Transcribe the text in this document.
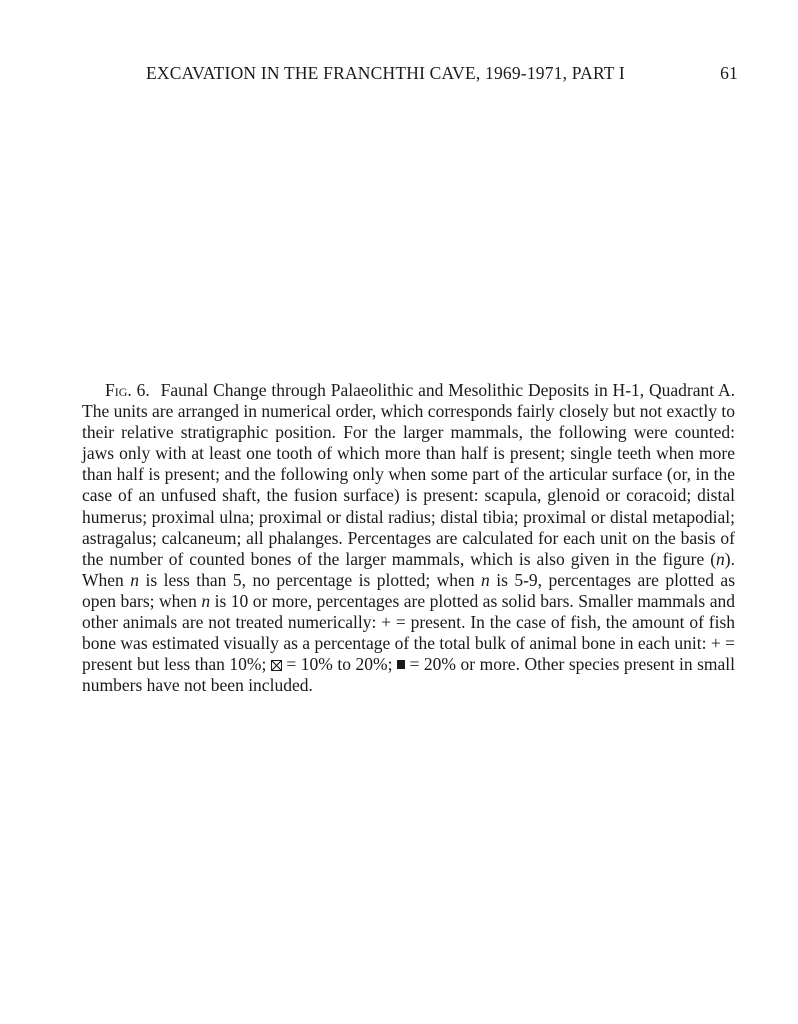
EXCAVATION IN THE FRANCHTHI CAVE, 1969-1971, PART I	61

Fig. 6. Faunal Change through Palaeolithic and Mesolithic Deposits in H-1, Quadrant A. The units are arranged in numerical order, which corresponds fairly closely but not exactly to their relative stratigraphic position. For the larger mammals, the following were counted: jaws only with at least one tooth of which more than half is present; single teeth when more than half is present; and the following only when some part of the articular surface (or, in the case of an unfused shaft, the fusion surface) is present: scapula, glenoid or coracoid; distal humerus; proximal ulna; proximal or distal radius; distal tibia; proximal or distal metapodial; astragalus; calcaneum; all phalanges. Percentages are calculated for each unit on the basis of the number of counted bones of the larger mammals, which is also given in the figure (n). When n is less than 5, no percentage is plotted; when n is 5-9, percentages are plotted as open bars; when n is 10 or more, percentages are plotted as solid bars. Smaller mammals and other animals are not treated numerically: + = present. In the case of fish, the amount of fish bone was estimated visually as a percentage of the total bulk of animal bone in each unit: + = present but less than 10%; ☒ = 10% to 20%;  = 20% or more. Other species present in small numbers have not been included.
